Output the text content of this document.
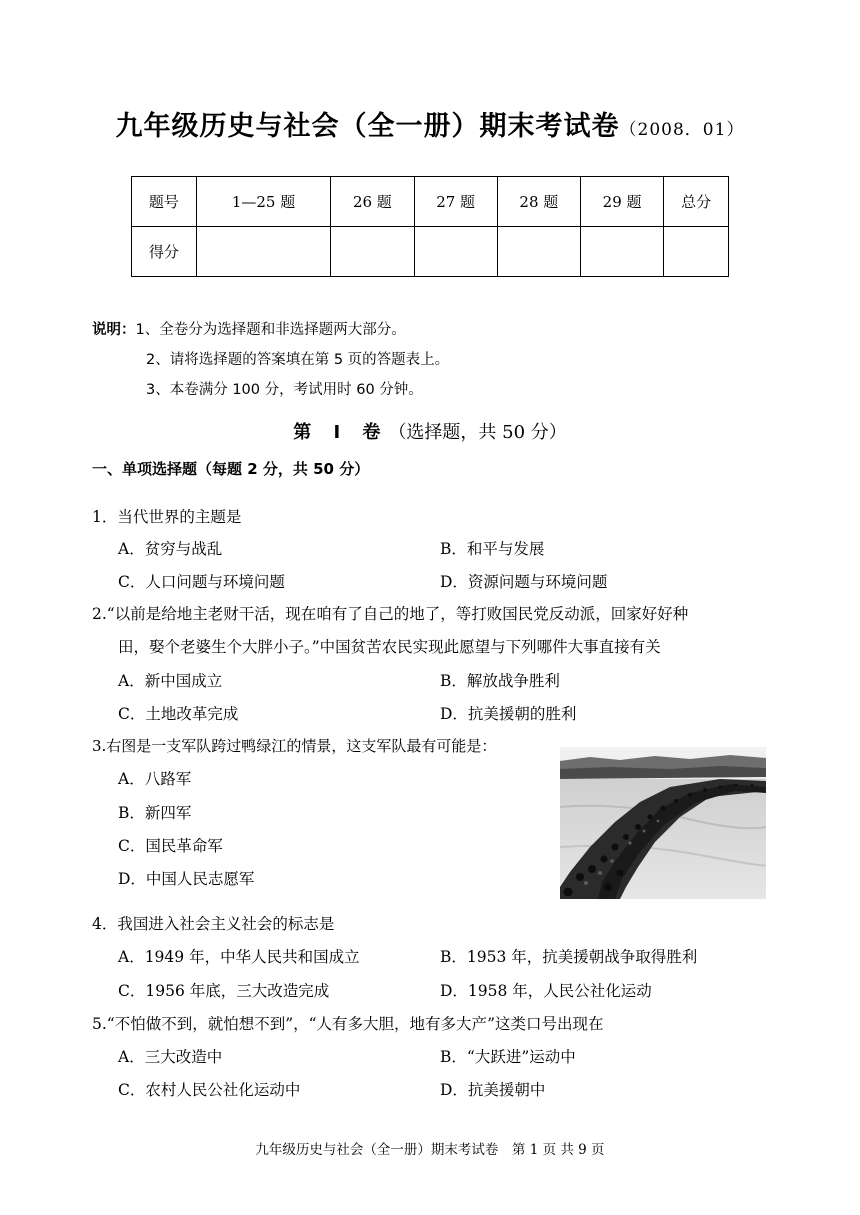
九年级历史与社会（全一册）期末考试卷（2008．01）
题号	1—25 题	26 题	27 题	28 题	29 题	总分
得分						
说明：1、全卷分为选择题和非选择题两大部分。
2、请将选择题的答案填在第 5 页的答题表上。
3、本卷满分 100 分，考试用时 60 分钟。
第 Ⅰ 卷（选择题，共 50 分）
一、单项选择题（每题 2 分，共 50 分）
1．当代世界的主题是
A．贫穷与战乱	B．和平与发展
C．人口问题与环境问题	D．资源问题与环境问题
2.“以前是给地主老财干活，现在咱有了自己的地了，等打败国民党反动派，回家好好种
田，娶个老婆生个大胖小子。”中国贫苦农民实现此愿望与下列哪件大事直接有关
A．新中国成立	B．解放战争胜利
C．土地改革完成	D．抗美援朝的胜利
3.右图是一支军队跨过鸭绿江的情景，这支军队最有可能是：
A．八路军
B．新四军
C．国民革命军
D．中国人民志愿军
4．我国进入社会主义社会的标志是
A．1949 年，中华人民共和国成立	B．1953 年，抗美援朝战争取得胜利
C．1956 年底，三大改造完成	D．1958 年，人民公社化运动
5.“不怕做不到，就怕想不到”，“人有多大胆，地有多大产”这类口号出现在
A．三大改造中	B．“大跃进”运动中
C．农村人民公社化运动中	D．抗美援朝中
九年级历史与社会（全一册）期末考试卷　第 1 页 共 9 页
